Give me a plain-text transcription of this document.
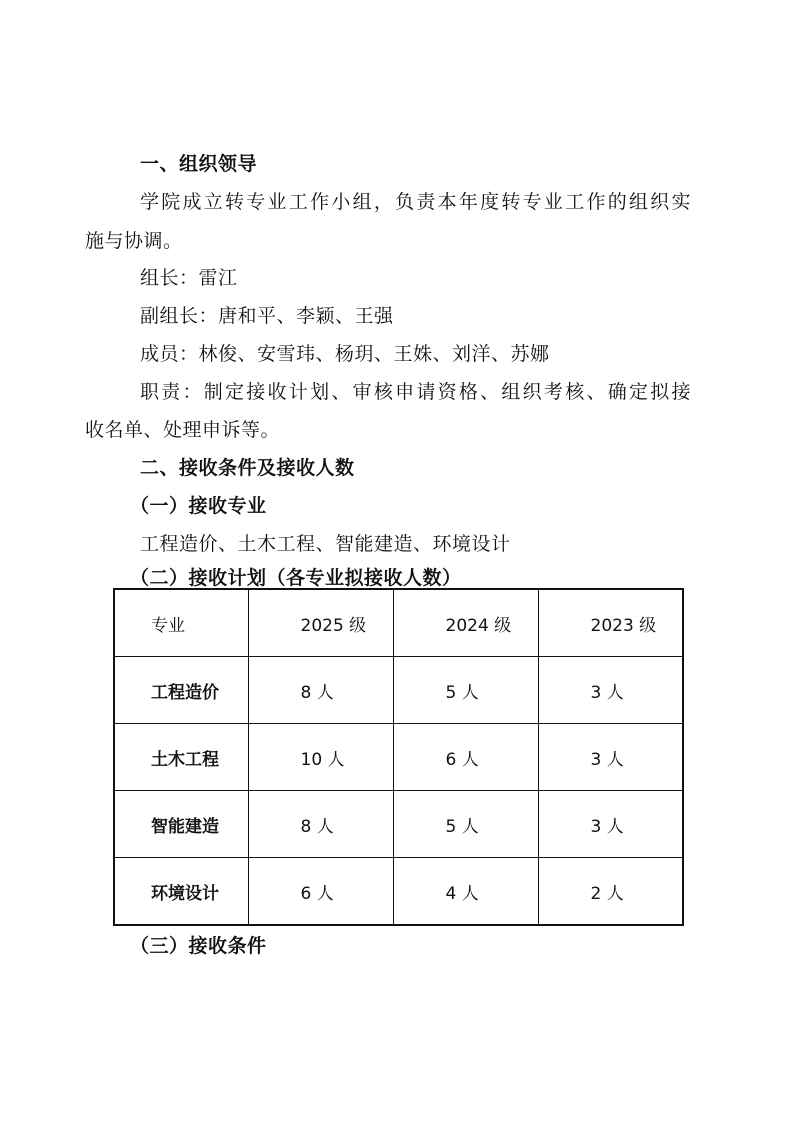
一、组织领导
学院成立转专业工作小组，负责本年度转专业工作的组织实
施与协调。
组长：雷江
副组长：唐和平、李颖、王强
成员：林俊、安雪玮、杨玥、王姝、刘洋、苏娜
职责：制定接收计划、审核申请资格、组织考核、确定拟接
收名单、处理申诉等。
二、接收条件及接收人数
（一）接收专业
工程造价、土木工程、智能建造、环境设计
（二）接收计划（各专业拟接收人数）
专业	2025 级	2024 级	2023 级
工程造价	8 人	5 人	3 人
土木工程	10 人	6 人	3 人
智能建造	8 人	5 人	3 人
环境设计	6 人	4 人	2 人
（三）接收条件
